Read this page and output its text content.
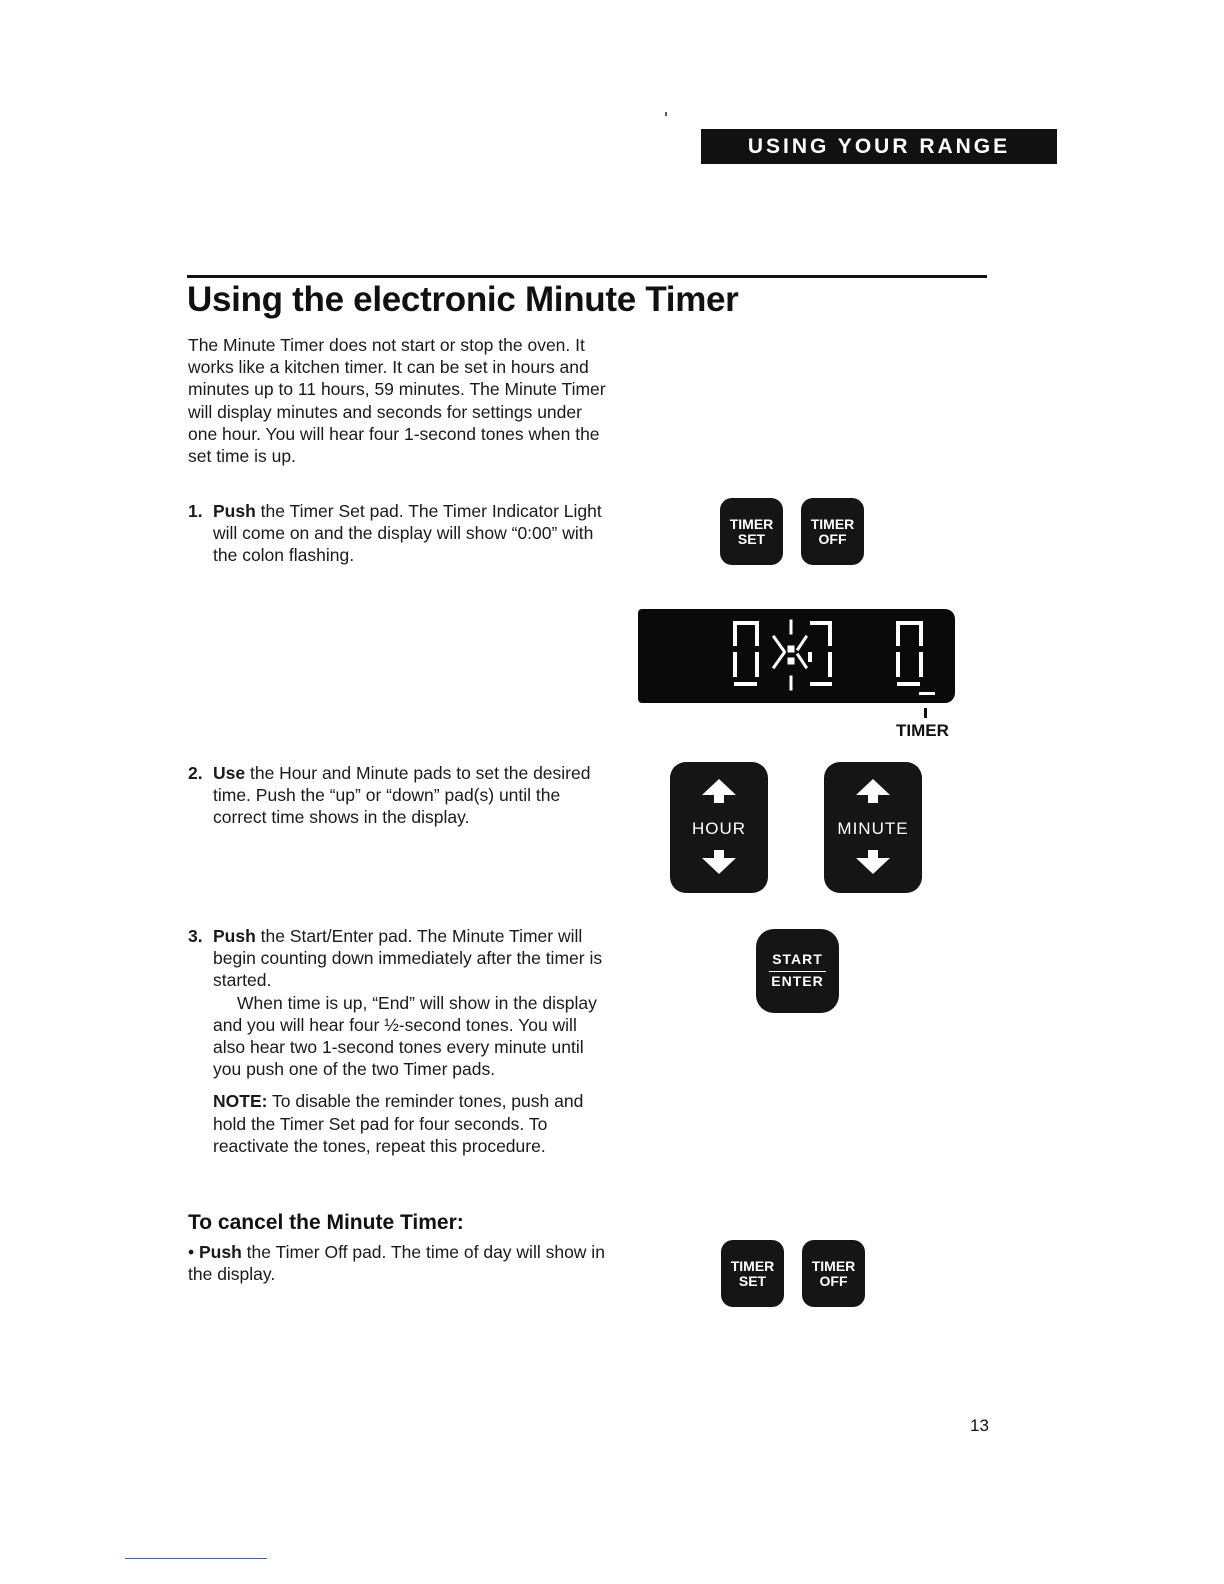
USING YOUR RANGE
Using the electronic Minute Timer

The Minute Timer does not start or stop the oven. It works like a kitchen timer. It can be set in hours and minutes up to 11 hours, 59 minutes. The Minute Timer will display minutes and seconds for settings under one hour. You will hear four 1-second tones when the set time is up.

1. Push the Timer Set pad. The Timer Indicator Light will come on and the display will show “0:00” with the colon flashing.
2. Use the Hour and Minute pads to set the desired time. Push the “up” or “down” pad(s) until the correct time shows in the display.
3. Push the Start/Enter pad. The Minute Timer will begin counting down immediately after the timer is started.
When time is up, “End” will show in the display and you will hear four ½-second tones. You will also hear two 1-second tones every minute until you push one of the two Timer pads.
NOTE: To disable the reminder tones, push and hold the Timer Set pad for four seconds. To reactivate the tones, repeat this procedure.
To cancel the Minute Timer:
• Push the Timer Off pad. The time of day will show in the display.
TIMER
SET
TIMER
OFF
TIMER
HOUR	MINUTE
START
ENTER
TIMER
SET
TIMER
OFF
13
